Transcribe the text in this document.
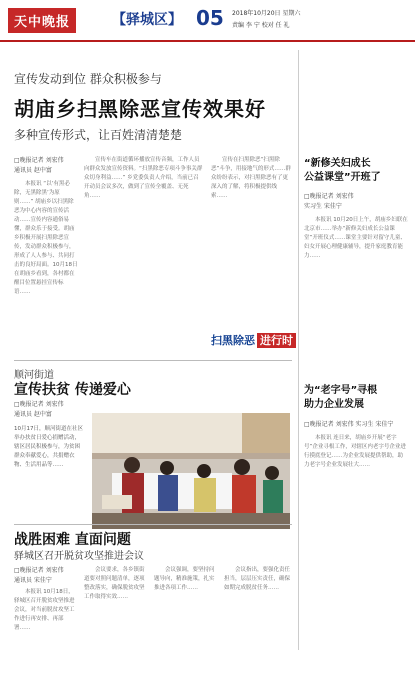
天中晚报	【驿城区】 05 2018年10月20日 星期六
责编 李 宁 校对 任 礼
宣传发动到位 群众积极参与
胡庙乡扫黑除恶宣传效果好
多种宣传形式，让百姓清清楚楚
□晚报记者 刘宏伟
通讯员 赵中富
本报讯 “以‘有黑必除，无黑除黑’为原则……” 胡庙乡以扫黑除恶为中心内容的宣传活动……宣传内容通俗易懂，群众乐于接受。胡庙乡积极开展扫黑除恶宣传，发动群众积极参与，形成了人人参与、共同打击的良好局面。10月18日在胡庙乡看到，各村都在醒目位置悬挂宣传标语……
宣传车在街道循环播放宣传音频，工作人员向群众发放宣传资料。“扫黑除恶专项斗争事关群众切身利益……” 乡党委负责人介绍，当前已召开动员会议多次，做到了宣传全覆盖、无死角……
宣传在扫黑除恶“扫黑除恶”斗争，用接地气的形式……群众纷纷表示，对扫黑除恶有了更深入的了解，将积极提供线索……
扫黑除恶 进行时
“新修关妇成长
公益课堂”开班了
□晚报记者 刘宏伟
实习生 宋佳宁
本报讯 10月20日上午，胡庙乡妇联在北京市……举办“新修关妇成长公益课堂”开班仪式……课堂主要针对留守儿童、妇女开展心理健康辅导，提升家庭教育能力……
为“老字号”寻根
助力企业发展
□晚报记者 刘宏伟 实习生 宋佳宁
本报讯 连日来，胡庙乡开展“老字号”企业寻根工作，对辖区内老字号企业进行摸底登记……为企业发展提供帮助，助力老字号企业发展壮大……
顺河街道
宣传扶贫 传递爱心
□晚报记者 刘宏伟
通讯员 赵中富
10月17日，顺河街道在社区举办扶贫日爱心捐赠活动，辖区居民积极参与，为贫困群众奉献爱心，共捐赠衣物、生活用品等……
战胜困难 直面问题
驿城区召开脱贫攻坚推进会议
□晚报记者 刘宏伟
通讯员 宋佳宁
本报讯 10月18日，驿城区召开脱贫攻坚推进会议，对当前脱贫攻坚工作进行再安排、再部署……
会议要求，各乡镇街道要对照问题清单，逐项整改落实，确保脱贫攻坚工作取得实效……
会议强调，要坚持问题导向，精准施策，扎实推进各项工作……
会议指出，要强化责任担当，层层压实责任，确保如期完成脱贫任务……
